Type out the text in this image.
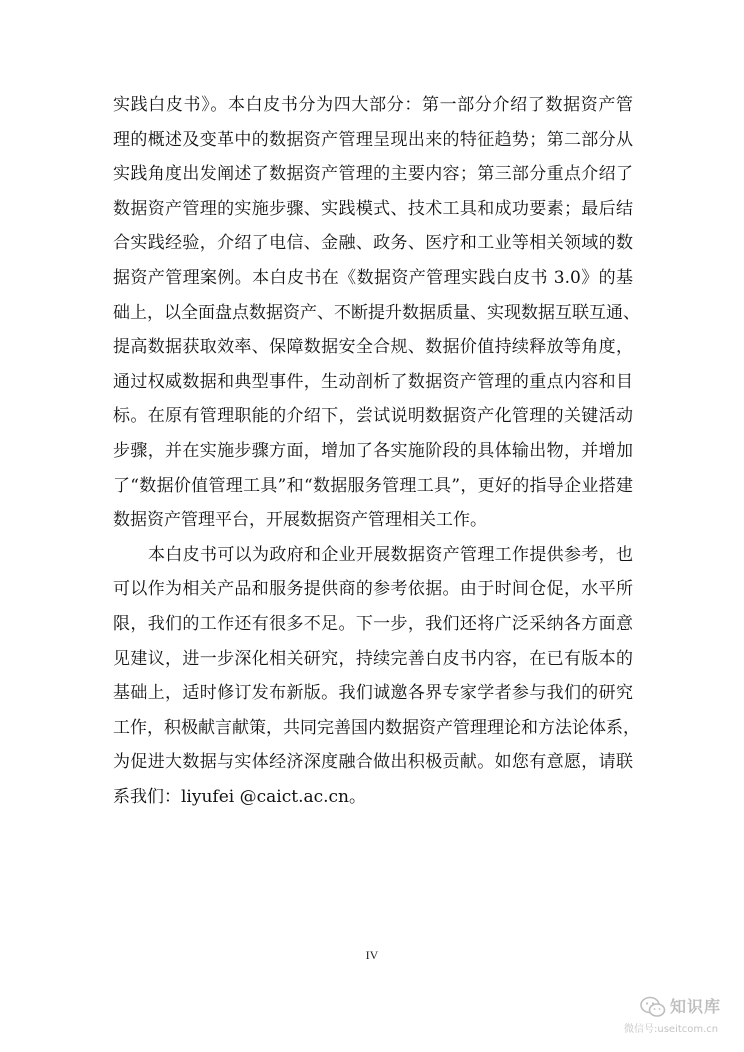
实践白皮书》。本白皮书分为四大部分：第一部分介绍了数据资产管
理的概述及变革中的数据资产管理呈现出来的特征趋势；第二部分从
实践角度出发阐述了数据资产管理的主要内容；第三部分重点介绍了
数据资产管理的实施步骤、实践模式、技术工具和成功要素；最后结
合实践经验，介绍了电信、金融、政务、医疗和工业等相关领域的数
据资产管理案例。本白皮书在《数据资产管理实践白皮书 3.0》的基
础上，以全面盘点数据资产、不断提升数据质量、实现数据互联互通、
提高数据获取效率、保障数据安全合规、数据价值持续释放等角度，
通过权威数据和典型事件，生动剖析了数据资产管理的重点内容和目
标。在原有管理职能的介绍下，尝试说明数据资产化管理的关键活动
步骤，并在实施步骤方面，增加了各实施阶段的具体输出物，并增加
了“数据价值管理工具”和“数据服务管理工具”，更好的指导企业搭建
数据资产管理平台，开展数据资产管理相关工作。
本白皮书可以为政府和企业开展数据资产管理工作提供参考，也
可以作为相关产品和服务提供商的参考依据。由于时间仓促，水平所
限，我们的工作还有很多不足。下一步，我们还将广泛采纳各方面意
见建议，进一步深化相关研究，持续完善白皮书内容，在已有版本的
基础上，适时修订发布新版。我们诚邀各界专家学者参与我们的研究
工作，积极献言献策，共同完善国内数据资产管理理论和方法论体系，
为促进大数据与实体经济深度融合做出积极贡献。如您有意愿，请联
系我们：liyufei @caict.ac.cn。
IV
知识库
微信号:useitcom.cn
